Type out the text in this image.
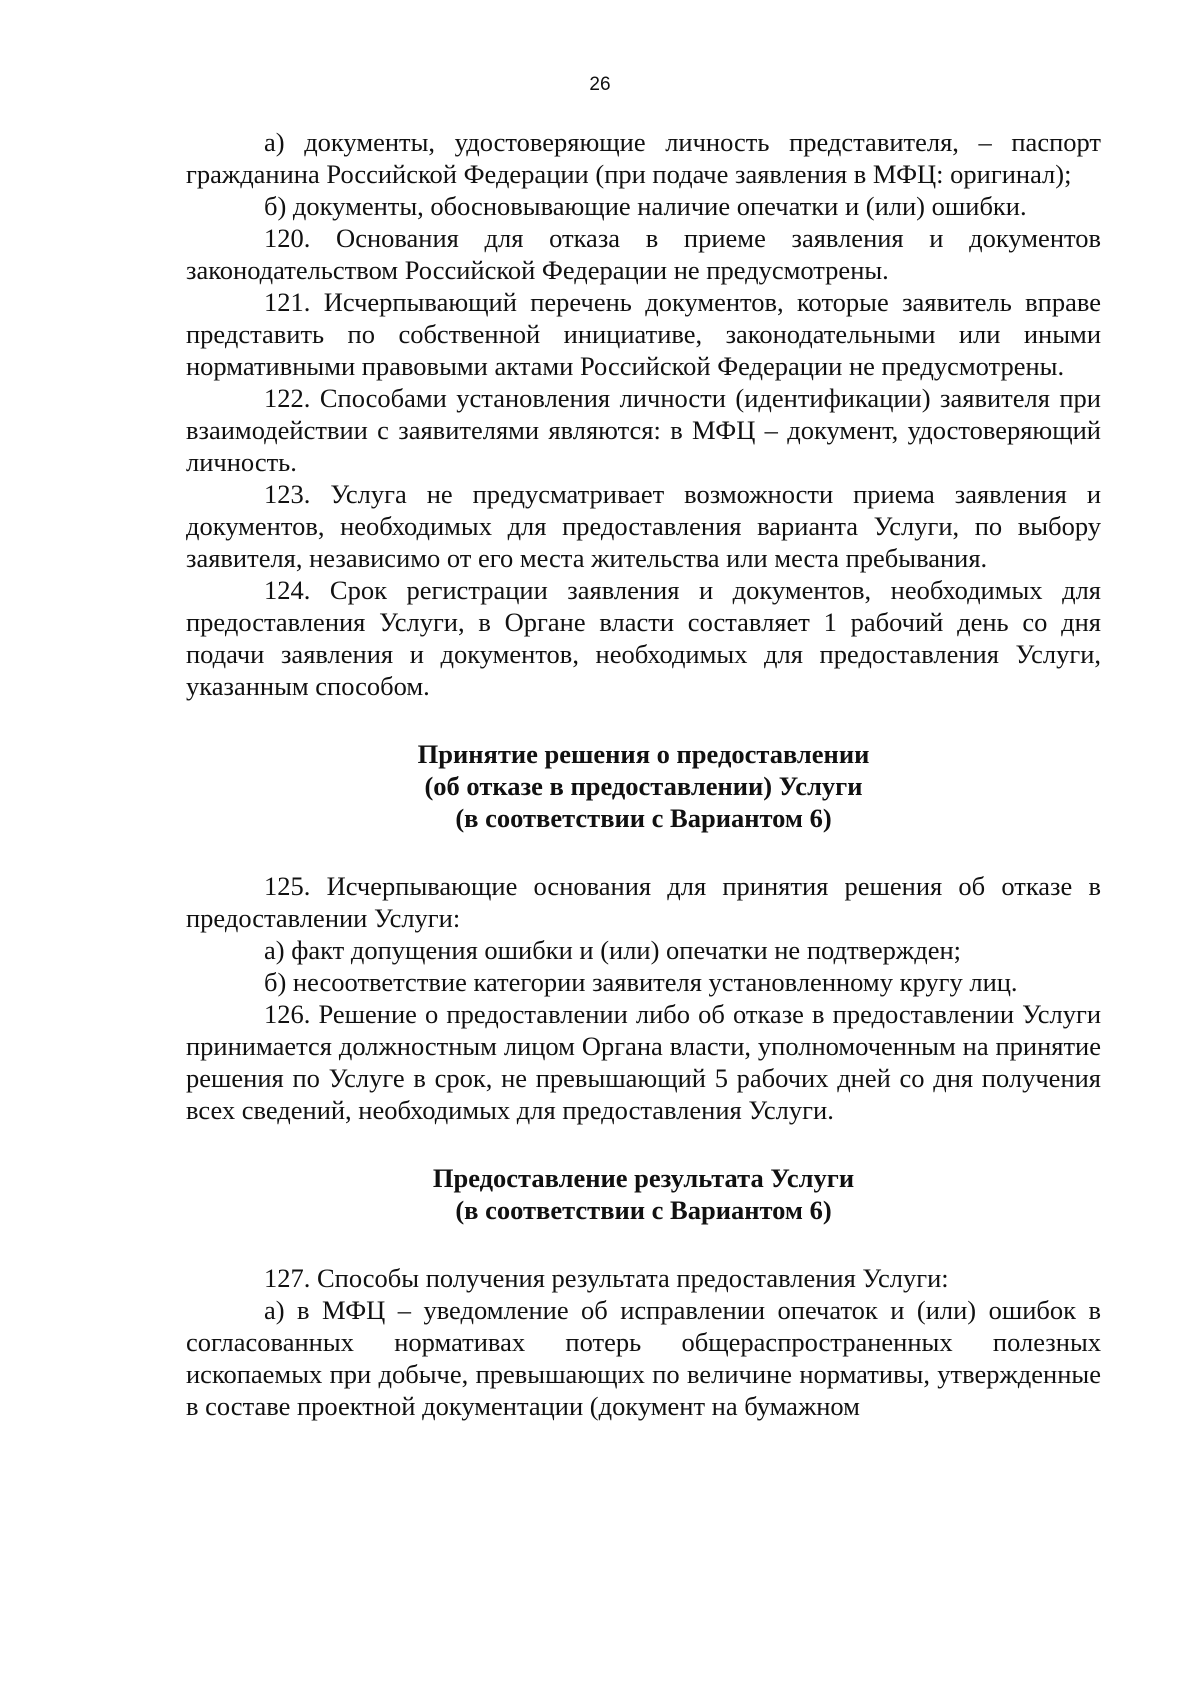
26

а) документы, удостоверяющие личность представителя, – паспорт гражданина Российской Федерации (при подаче заявления в МФЦ: оригинал);

б) документы, обосновывающие наличие опечатки и (или) ошибки.

120. Основания для отказа в приеме заявления и документов законодательством Российской Федерации не предусмотрены.

121. Исчерпывающий перечень документов, которые заявитель вправе представить по собственной инициативе, законодательными или иными нормативными правовыми актами Российской Федерации не предусмотрены.

122. Способами установления личности (идентификации) заявителя при взаимодействии с заявителями являются: в МФЦ – документ, удостоверяющий личность.

123. Услуга не предусматривает возможности приема заявления и документов, необходимых для предоставления варианта Услуги, по выбору заявителя, независимо от его места жительства или места пребывания.

124. Срок регистрации заявления и документов, необходимых для предоставления Услуги, в Органе власти составляет 1 рабочий день со дня подачи заявления и документов, необходимых для предоставления Услуги, указанным способом.

Принятие решения о предоставлении
(об отказе в предоставлении) Услуги
(в соответствии с Вариантом 6)

125. Исчерпывающие основания для принятия решения об отказе в предоставлении Услуги:

а) факт допущения ошибки и (или) опечатки не подтвержден;

б) несоответствие категории заявителя установленному кругу лиц.

126. Решение о предоставлении либо об отказе в предоставлении Услуги принимается должностным лицом Органа власти, уполномоченным на принятие решения по Услуге в срок, не превышающий 5 рабочих дней со дня получения всех сведений, необходимых для предоставления Услуги.

Предоставление результата Услуги
(в соответствии с Вариантом 6)

127. Способы получения результата предоставления Услуги:

а) в МФЦ – уведомление об исправлении опечаток и (или) ошибок в согласованных нормативах потерь общераспространенных полезных ископаемых при добыче, превышающих по величине нормативы, утвержденные в составе проектной документации (документ на бумажном
